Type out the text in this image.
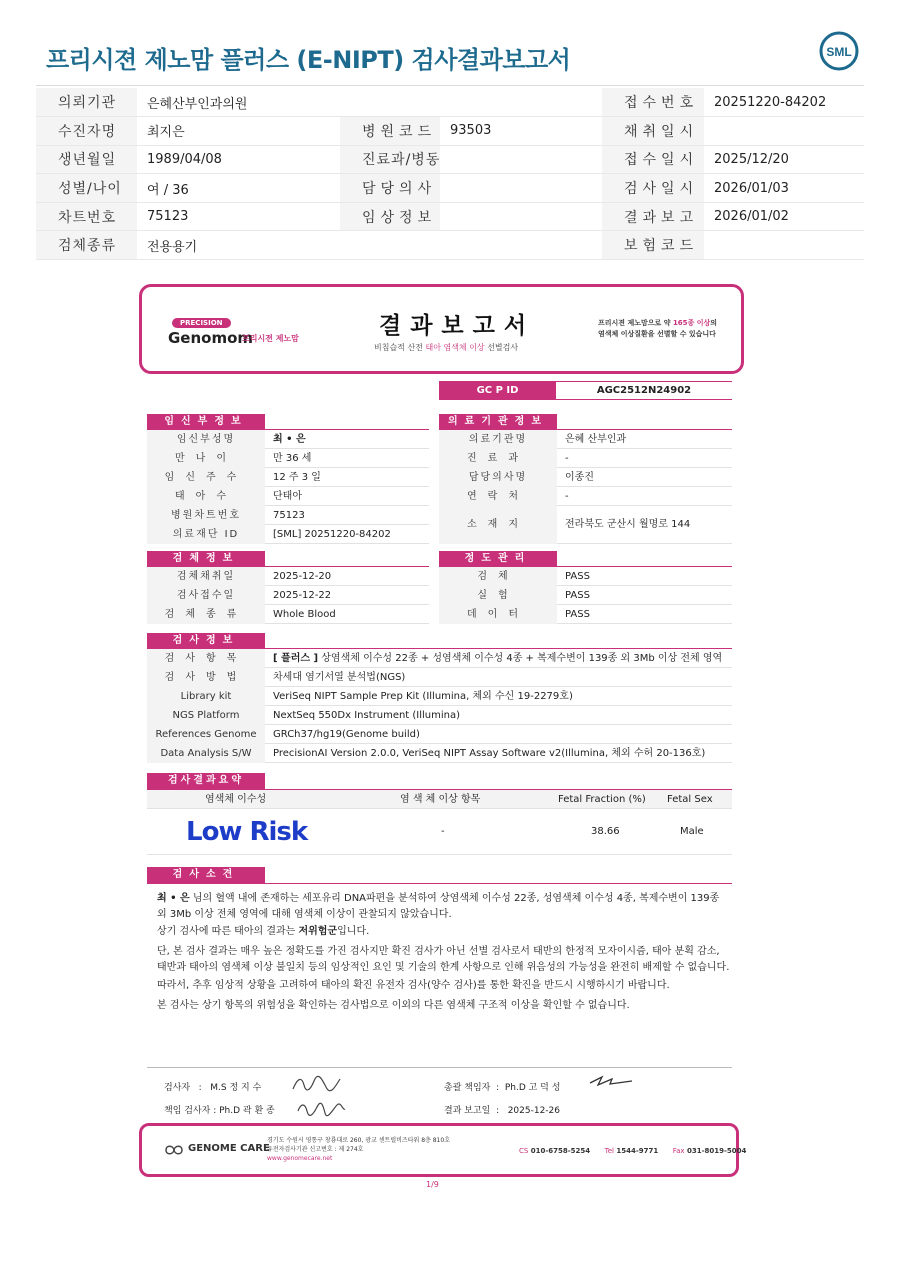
프리시젼 제노맘 플러스 (E-NIPT) 검사결과보고서	SML
의뢰기관	은혜산부인과의원			접수번호	20251220-84202
수진자명	최지은	병원코드	93503	채취일시	
생년월일	1989/04/08	진료과/병동		접수일시	2025/12/20
성별/나이	여 / 36	담당의사		검사일시	2026/01/03
차트번호	75123	임상정보		결과보고	2026/01/02
검체종류	전용용기			보험코드	
PRECISION
Genomom
프리시젼 제노맘	결과보고서
비침습적 산전 태아 염색체 이상 선별검사
프리시젼 제노맘으로 약 165종 이상의
염색체 이상질환을 선별할 수 있습니다
GC P ID	AGC2512N24902
임신부정보
임신부성명	최 • 은
만나이	만 36 세
임신주수	12 주 3 일
태아수	단태아
병원차트번호	75123
의료재단 ID	[SML] 20251220-84202
의료기관정보
의료기관명	은혜 산부인과
진료과	-
담당의사명	이종진
연락처	-
소재지	전라북도 군산시 월명로 144
검체정보
검체채취일	2025-12-20
검사접수일	2025-12-22
검체종류	Whole Blood
정도관리
검체	PASS
실험	PASS
데이터	PASS
검사정보
검사항목	[ 플러스 ] 상염색체 이수성 22종 + 성염색체 이수성 4종 + 복제수변이 139종 외 3Mb 이상 전체 영역
검사방법	차세대 염기서열 분석법(NGS)
Library kit	VeriSeq NIPT Sample Prep Kit (Illumina, 체외 수신 19-2279호)
NGS Platform	NextSeq 550Dx Instrument (Illumina)
References Genome	GRCh37/hg19(Genome build)
Data Analysis S/W	PrecisionAI Version 2.0.0, VeriSeq NIPT Assay Software v2(Illumina, 체외 수허 20-136호)
검사결과요약
염색체 이수성	염 색 체 이상 항목	Fetal Fraction (%) Fetal Sex
Low Risk	-	38.66	Male
검사소견
최 • 은 님의 혈액 내에 존재하는 세포유리 DNA파편을 분석하여 상염색체 이수성 22종, 성염색체 이수성 4종, 복제수변이 139종 외 3Mb 이상 전체 영역에 대해 염색체 이상이 관찰되지 않았습니다.
상기 검사에 따른 태아의 결과는 저위험군입니다.
단, 본 검사 결과는 매우 높은 정확도를 가진 검사지만 확진 검사가 아닌 선별 검사로서 태반의 한정적 모자이시즘, 태아 분획 감소, 태반과 태아의 염색체 이상 불일치 등의 임상적인 요인 및 기술의 한계 사항으로 인해 위음성의 가능성을 완전히 배제할 수 없습니다.
따라서, 추후 임상적 상황을 고려하여 태아의 확진 유전자 검사(양수 검사)를 통한 확진을 반드시 시행하시기 바랍니다.
본 검사는 상기 항목의 위험성을 확인하는 검사법으로 이외의 다른 염색체 구조적 이상을 확인할 수 없습니다.
검사자   :   M.S 정 지 수	총괄 책임자  :  Ph.D 고 덕 성
책임 검사자 : Ph.D 곽 환 종	결과 보고일  :   2025-12-26
GENOME CARE
경기도 수원시 영통구 창룡대로 260, 광교 센트럴비즈타워 8층 810호
유전자검사기관 신고번호 : 제 274호
www.genomecare.net
CS 010-6758-5254 Tel 1544-9771 Fax 031-8019-5004
1/9
